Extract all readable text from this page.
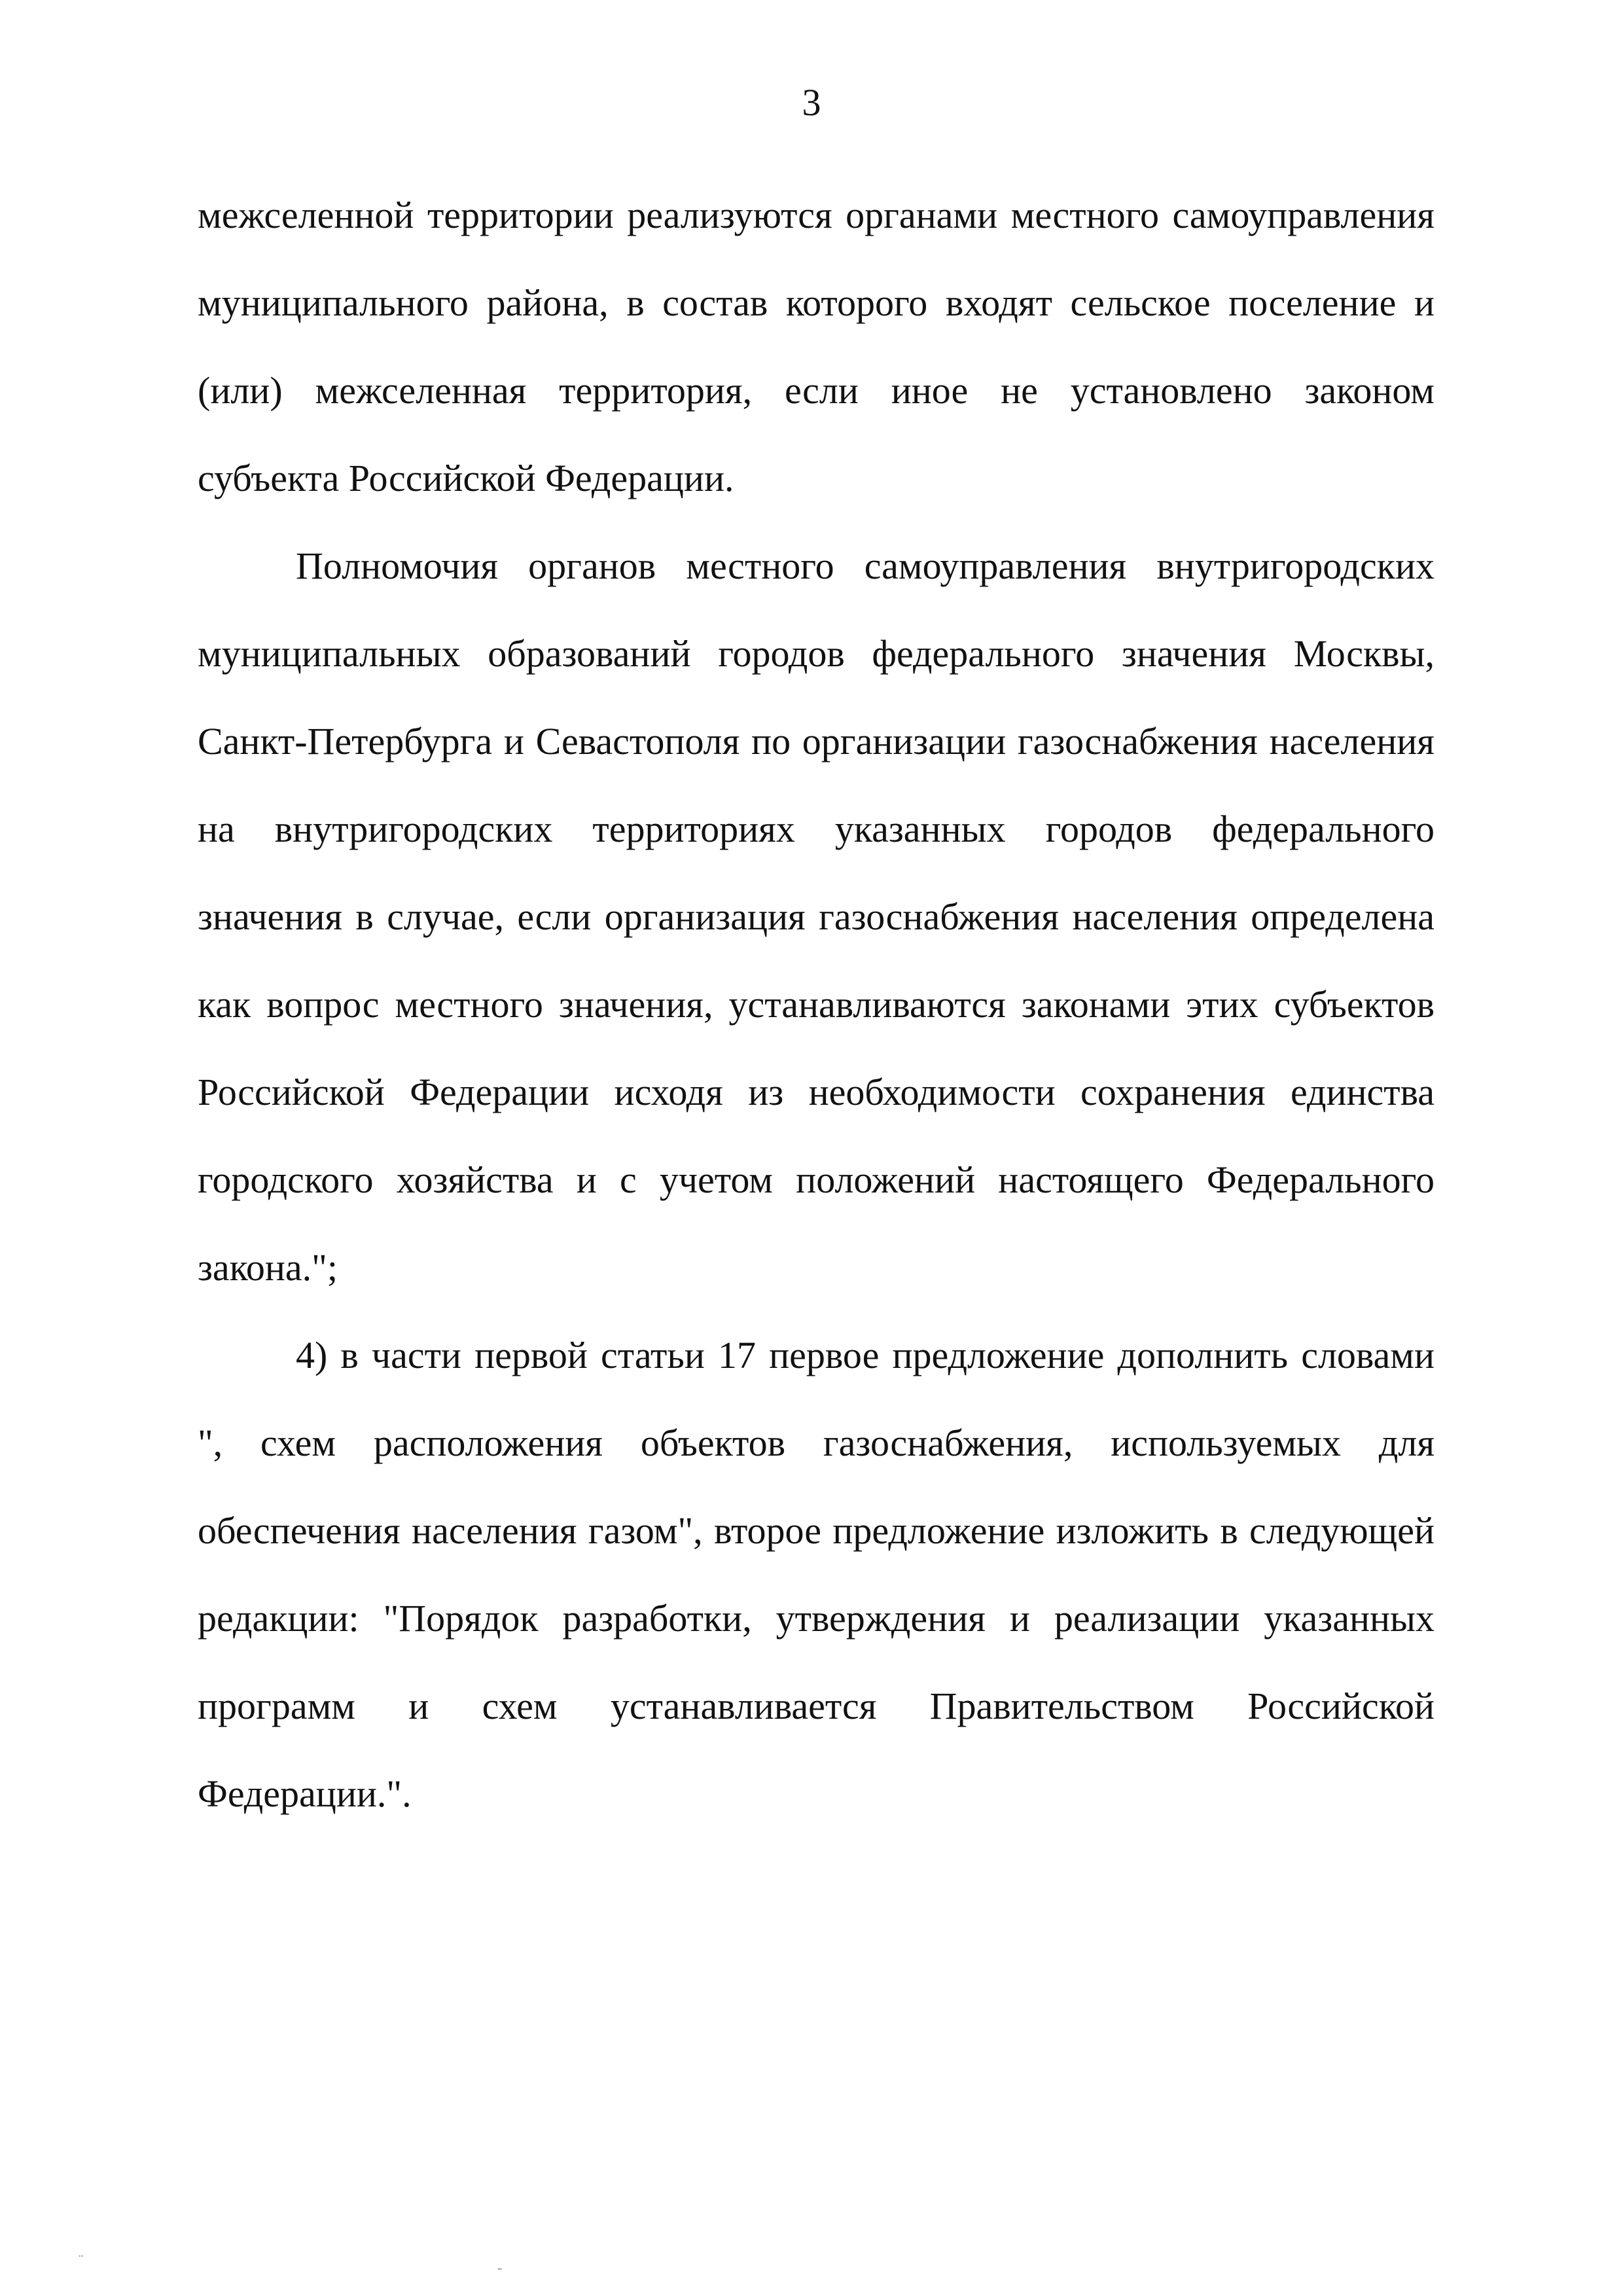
3

межселенной территории реализуются органами местного самоуправления
муниципального района, в состав которого входят сельское поселение и
(или) межселенная территория, если иное не установлено законом
субъекта Российской Федерации.

Полномочия органов местного самоуправления внутригородских
муниципальных образований городов федерального значения Москвы,
Санкт-Петербурга и Севастополя по организации газоснабжения населения
на внутригородских территориях указанных городов федерального
значения в случае, если организация газоснабжения населения определена
как вопрос местного значения, устанавливаются законами этих субъектов
Российской Федерации исходя из необходимости сохранения единства
городского хозяйства и с учетом положений настоящего Федерального
закона.";

4) в части первой статьи 17 первое предложение дополнить словами
", схем расположения объектов газоснабжения, используемых для
обеспечения населения газом", второе предложение изложить в следующей
редакции: "Порядок разработки, утверждения и реализации указанных
программ и схем устанавливается Правительством Российской
Федерации.".

¨	-
